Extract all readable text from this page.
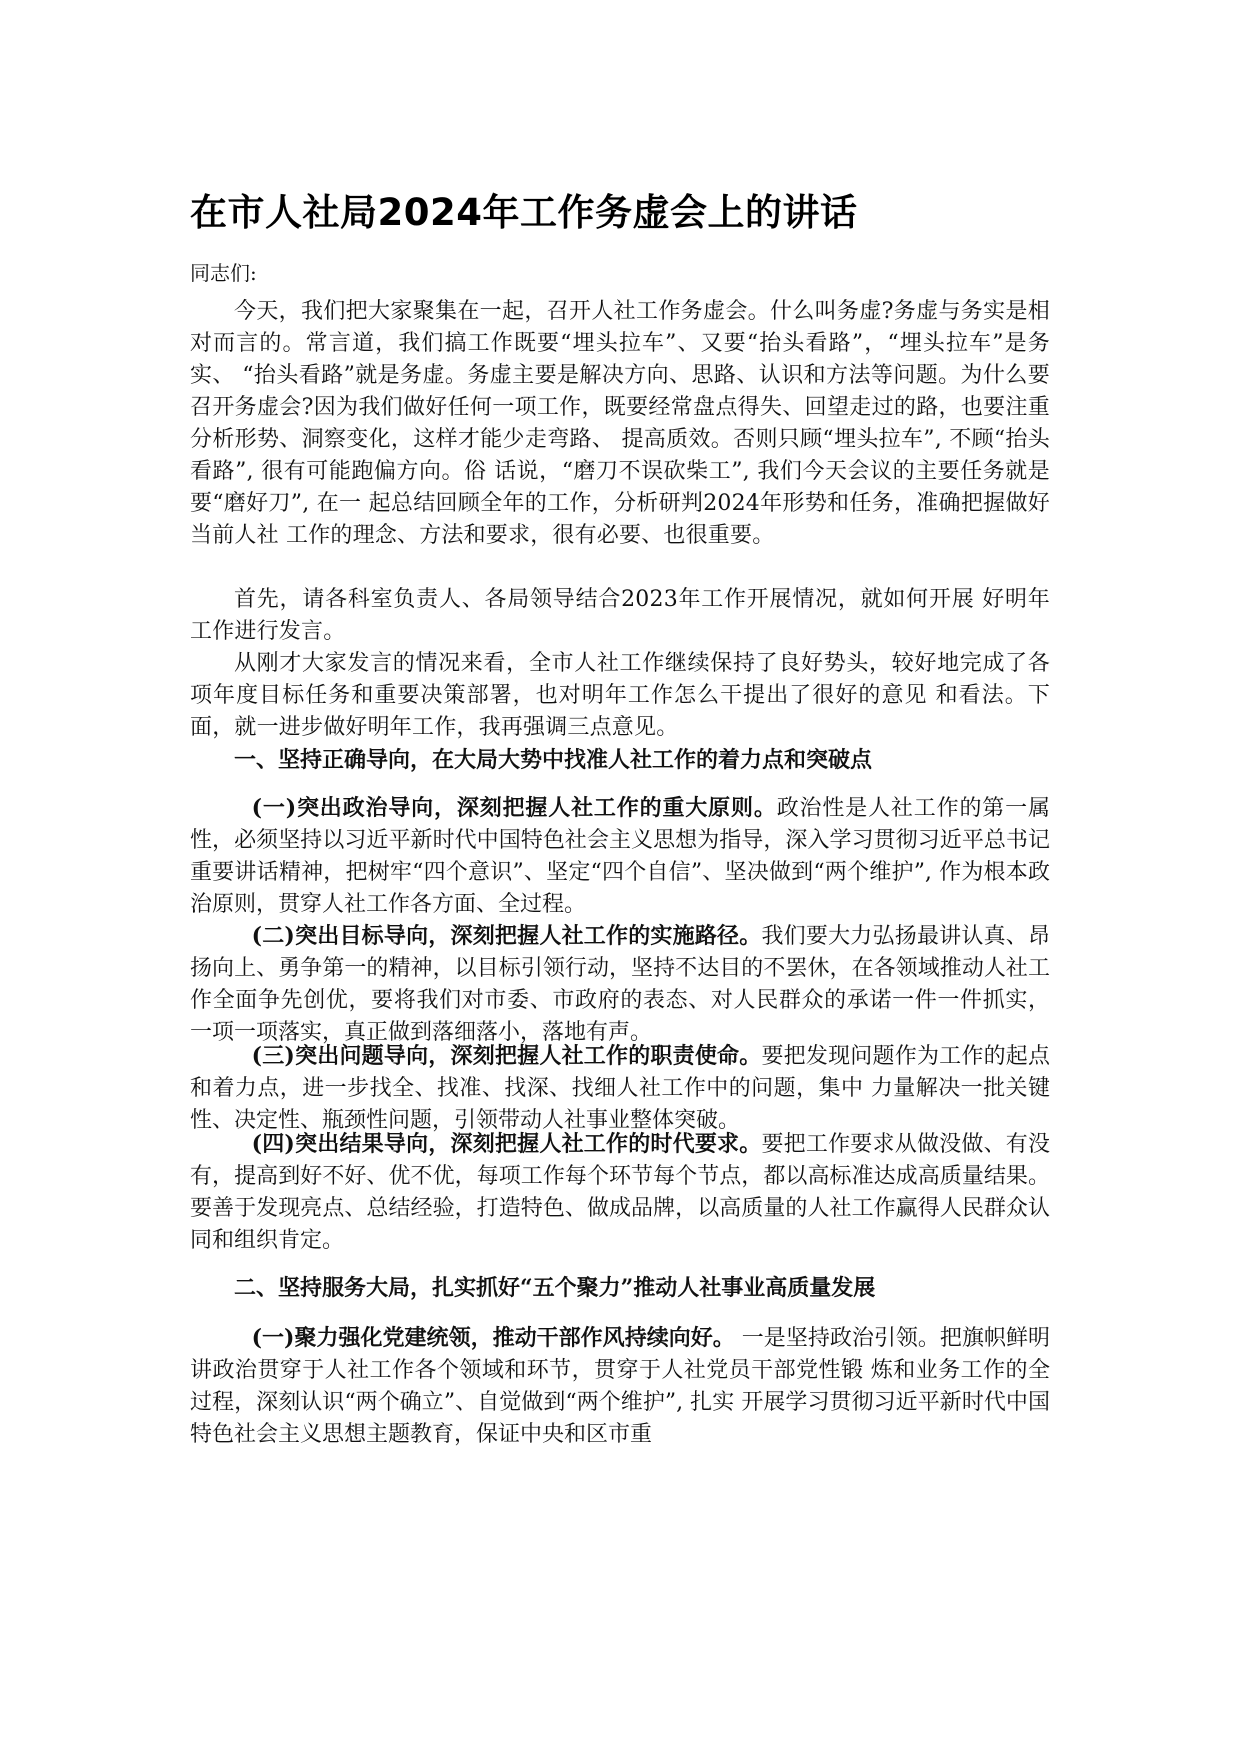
在市人社局2024年工作务虚会上的讲话
同志们:

今天，我们把大家聚集在一起，召开人社工作务虚会。什么叫务虚?务虚与务实是相对而言的。常言道，我们搞工作既要“埋头拉车”、又要“抬头看路”，“埋头拉车”是务实、 “抬头看路”就是务虚。务虚主要是解决方向、思路、认识和方法等问题。为什么要召开务虚会?因为我们做好任何一项工作，既要经常盘点得失、回望走过的路，也要注重分析形势、洞察变化，这样才能少走弯路、 提高质效。否则只顾“埋头拉车”, 不顾“抬头看路”, 很有可能跑偏方向。俗 话说，“磨刀不误砍柴工”, 我们今天会议的主要任务就是要“磨好刀”, 在一 起总结回顾全年的工作，分析研判2024年形势和任务，准确把握做好当前人社 工作的理念、方法和要求，很有必要、也很重要。

首先，请各科室负责人、各局领导结合2023年工作开展情况，就如何开展 好明年工作进行发言。

从刚才大家发言的情况来看，全市人社工作继续保持了良好势头，较好地完成了各项年度目标任务和重要决策部署，也对明年工作怎么干提出了很好的意见 和看法。下面，就一进步做好明年工作，我再强调三点意见。

一、坚持正确导向，在大局大势中找准人社工作的着力点和突破点

(一)突出政治导向，深刻把握人社工作的重大原则。政治性是人社工作的第一属性，必须坚持以习近平新时代中国特色社会主义思想为指导，深入学习贯彻习近平总书记重要讲话精神，把树牢“四个意识”、坚定“四个自信”、坚决做到“两个维护”, 作为根本政治原则，贯穿人社工作各方面、全过程。

(二)突出目标导向，深刻把握人社工作的实施路径。我们要大力弘扬最讲认真、昂扬向上、勇争第一的精神，以目标引领行动，坚持不达目的不罢休，在各领域推动人社工作全面争先创优，要将我们对市委、市政府的表态、对人民群众的承诺一件一件抓实， 一项一项落实，真正做到落细落小，落地有声。

(三)突出问题导向，深刻把握人社工作的职责使命。要把发现问题作为工作的起点和着力点，进一步找全、找准、找深、找细人社工作中的问题，集中 力量解决一批关键性、决定性、瓶颈性问题，引领带动人社事业整体突破。

(四)突出结果导向，深刻把握人社工作的时代要求。要把工作要求从做没做、有没有，提高到好不好、优不优，每项工作每个环节每个节点，都以高标准达成高质量结果。要善于发现亮点、总结经验，打造特色、做成品牌，以高质量的人社工作赢得人民群众认同和组织肯定。

二、坚持服务大局，扎实抓好“五个聚力”推动人社事业高质量发展

(一)聚力强化党建统领，推动干部作风持续向好。 一是坚持政治引领。把旗帜鲜明讲政治贯穿于人社工作各个领域和环节，贯穿于人社党员干部党性锻 炼和业务工作的全过程，深刻认识“两个确立”、自觉做到“两个维护”, 扎实 开展学习贯彻习近平新时代中国特色社会主义思想主题教育，保证中央和区市重
